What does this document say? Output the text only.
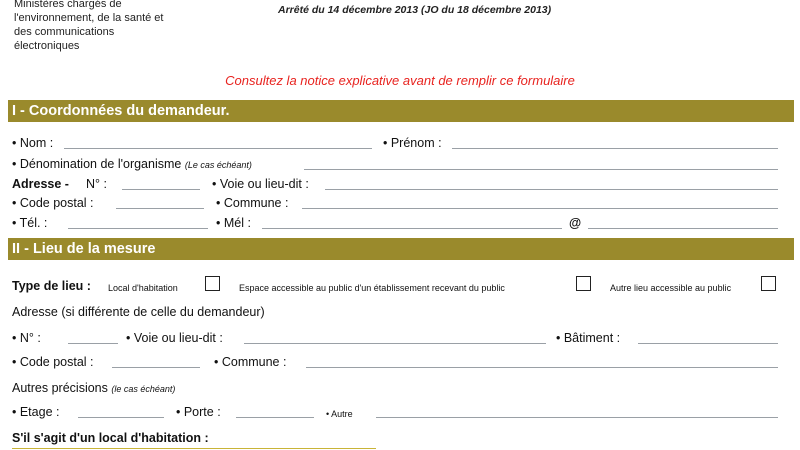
Ministères chargés de l'environnement, de la santé et des communications électroniques
Arrêté du 14 décembre 2013 (JO du 18 décembre 2013)
Consultez la notice explicative avant de remplir ce formulaire
I - Coordonnées du demandeur.
• Nom :	• Prénom :
• Dénomination de l'organisme (Le cas échéant)
Adresse - N° :	• Voie ou lieu-dit :
• Code postal :	• Commune :
• Tél. :	• Mél :	@
II - Lieu de la mesure
Type de lieu : Local d'habitation	Espace accessible au public d'un établissement recevant du public	Autre lieu accessible au public
Adresse (si différente de celle du demandeur)
• N° :	• Voie ou lieu-dit :	• Bâtiment :
• Code postal :	• Commune :
Autres précisions (le cas échéant)
• Etage :	• Porte :	• Autre
S'il s'agit d'un local d'habitation :
